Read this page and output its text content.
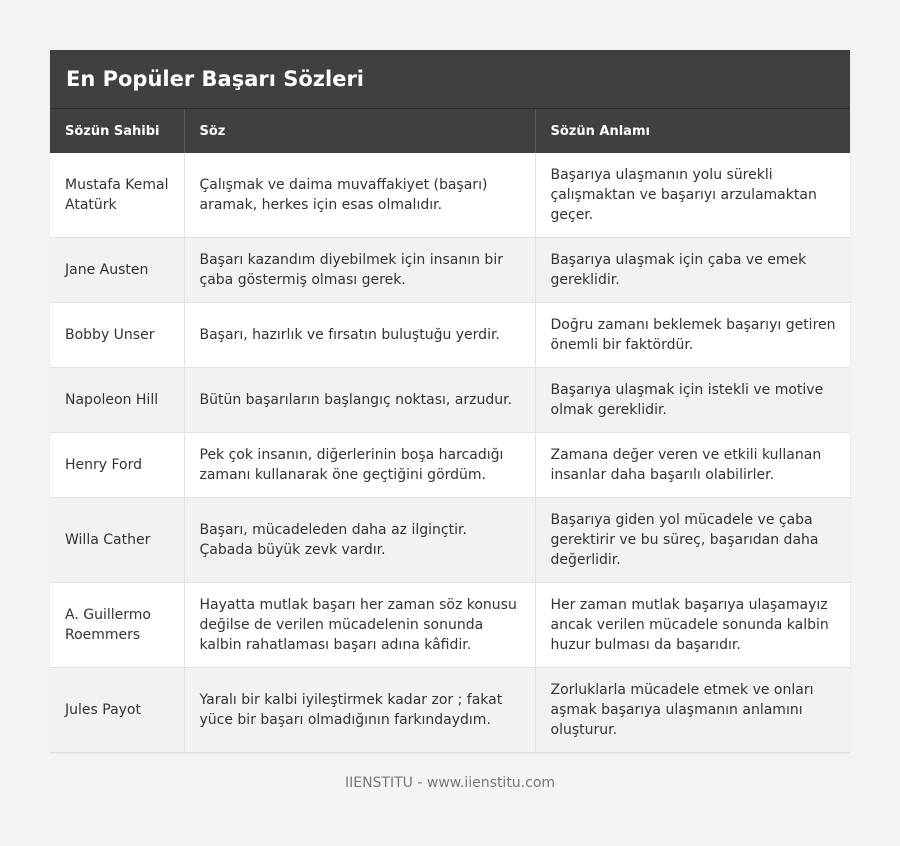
En Popüler Başarı Sözleri
Sözün Sahibi	Söz	Sözün Anlamı
Mustafa Kemal Atatürk	Çalışmak ve daima muvaffakiyet (başarı) aramak, herkes için esas olmalıdır.	Başarıya ulaşmanın yolu sürekli çalışmaktan ve başarıyı arzulamaktan geçer.
Jane Austen	Başarı kazandım diyebilmek için insanın bir çaba göstermiş olması gerek.	Başarıya ulaşmak için çaba ve emek gereklidir.
Bobby Unser	Başarı, hazırlık ve fırsatın buluştuğu yerdir.	Doğru zamanı beklemek başarıyı getiren önemli bir faktördür.
Napoleon Hill	Bütün başarıların başlangıç noktası, arzudur.	Başarıya ulaşmak için istekli ve motive olmak gereklidir.
Henry Ford	Pek çok insanın, diğerlerinin boşa harcadığı zamanı kullanarak öne geçtiğini gördüm.	Zamana değer veren ve etkili kullanan insanlar daha başarılı olabilirler.
Willa Cather	Başarı, mücadeleden daha az ilginçtir. Çabada büyük zevk vardır.	Başarıya giden yol mücadele ve çaba gerektirir ve bu süreç, başarıdan daha değerlidir.
A. Guillermo Roemmers	Hayatta mutlak başarı her zaman söz konusu değilse de verilen mücadelenin sonunda kalbin rahatlaması başarı adına kâfidir.	Her zaman mutlak başarıya ulaşamayız ancak verilen mücadele sonunda kalbin huzur bulması da başarıdır.
Jules Payot	Yaralı bir kalbi iyileştirmek kadar zor ; fakat yüce bir başarı olmadığının farkındaydım.	Zorluklarla mücadele etmek ve onları aşmak başarıya ulaşmanın anlamını oluşturur.
IIENSTITU - www.iienstitu.com
